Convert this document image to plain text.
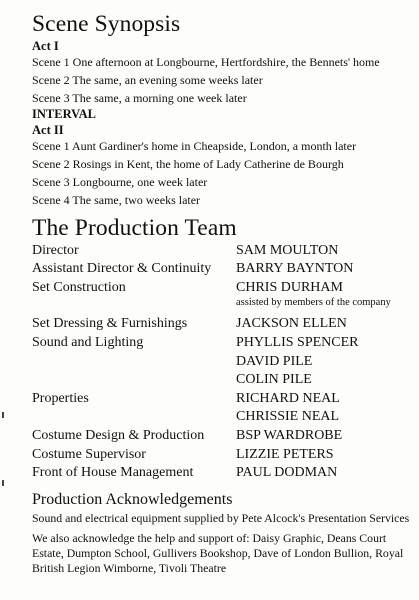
Scene Synopsis
Act I
Scene 1 One afternoon at Longbourne, Hertfordshire, the Bennets' home
Scene 2 The same, an evening some weeks later
Scene 3 The same, a morning one week later
INTERVAL
Act II
Scene 1 Aunt Gardiner's home in Cheapside, London, a month later
Scene 2 Rosings in Kent, the home of Lady Catherine de Bourgh
Scene 3 Longbourne, one week later
Scene 4 The same, two weeks later
The Production Team
Director	SAM MOULTON
Assistant Director & Continuity	BARRY BAYNTON
Set Construction	CHRIS DURHAM
assisted by members of the company
Set Dressing & Furnishings	JACKSON ELLEN
Sound and Lighting	PHYLLIS SPENCER
DAVID PILE
COLIN PILE
Properties	RICHARD NEAL
CHRISSIE NEAL
Costume Design & Production	BSP WARDROBE
Costume Supervisor	LIZZIE PETERS
Front of House Management	PAUL DODMAN
Production Acknowledgements
Sound and electrical equipment supplied by Pete Alcock's Presentation Services
We also acknowledge the help and support of: Daisy Graphic, Deans Court Estate, Dumpton School, Gullivers Bookshop, Dave of London Bullion, Royal British Legion Wimborne, Tivoli Theatre
